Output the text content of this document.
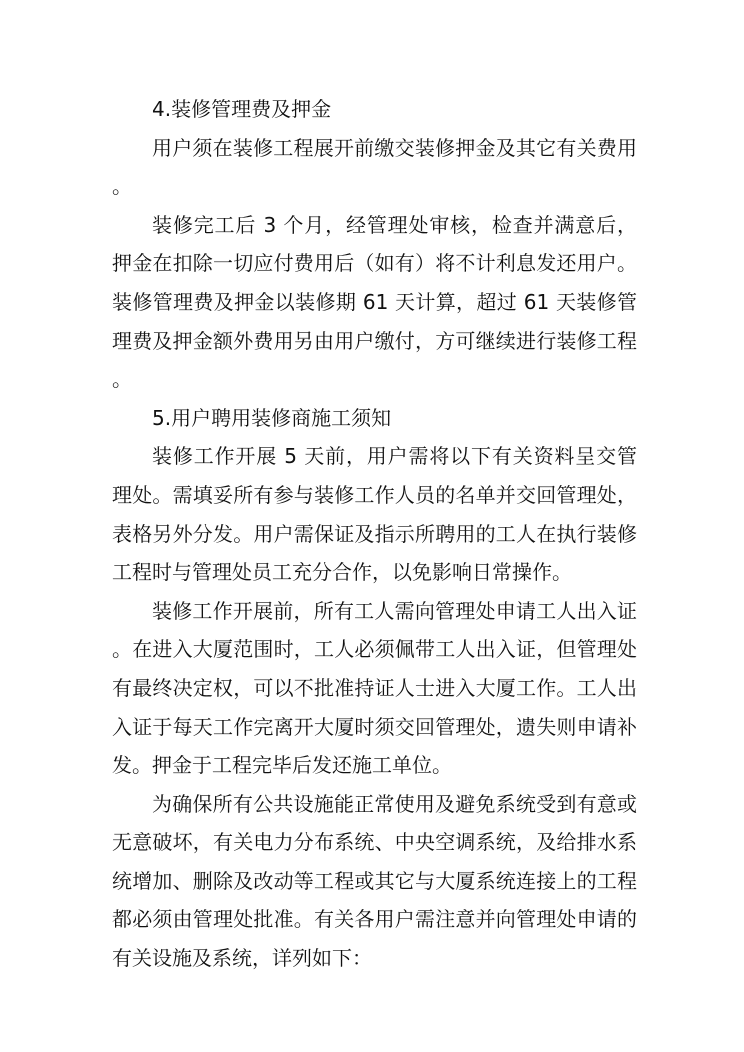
4.装修管理费及押金

用户须在装修工程展开前缴交装修押金及其它有关费用。

装修完工后 3 个月，经管理处审核，检查并满意后，押金在扣除一切应付费用后（如有）将不计利息发还用户。装修管理费及押金以装修期 61 天计算，超过 61 天装修管理费及押金额外费用另由用户缴付，方可继续进行装修工程。

5.用户聘用装修商施工须知

装修工作开展 5 天前，用户需将以下有关资料呈交管理处。需填妥所有参与装修工作人员的名单并交回管理处，表格另外分发。用户需保证及指示所聘用的工人在执行装修工程时与管理处员工充分合作，以免影响日常操作。

装修工作开展前，所有工人需向管理处申请工人出入证。在进入大厦范围时，工人必须佩带工人出入证，但管理处有最终决定权，可以不批准持证人士进入大厦工作。工人出入证于每天工作完离开大厦时须交回管理处，遗失则申请补发。押金于工程完毕后发还施工单位。

为确保所有公共设施能正常使用及避免系统受到有意或无意破坏，有关电力分布系统、中央空调系统，及给排水系统增加、删除及改动等工程或其它与大厦系统连接上的工程都必须由管理处批准。有关各用户需注意并向管理处申请的有关设施及系统，详列如下：
